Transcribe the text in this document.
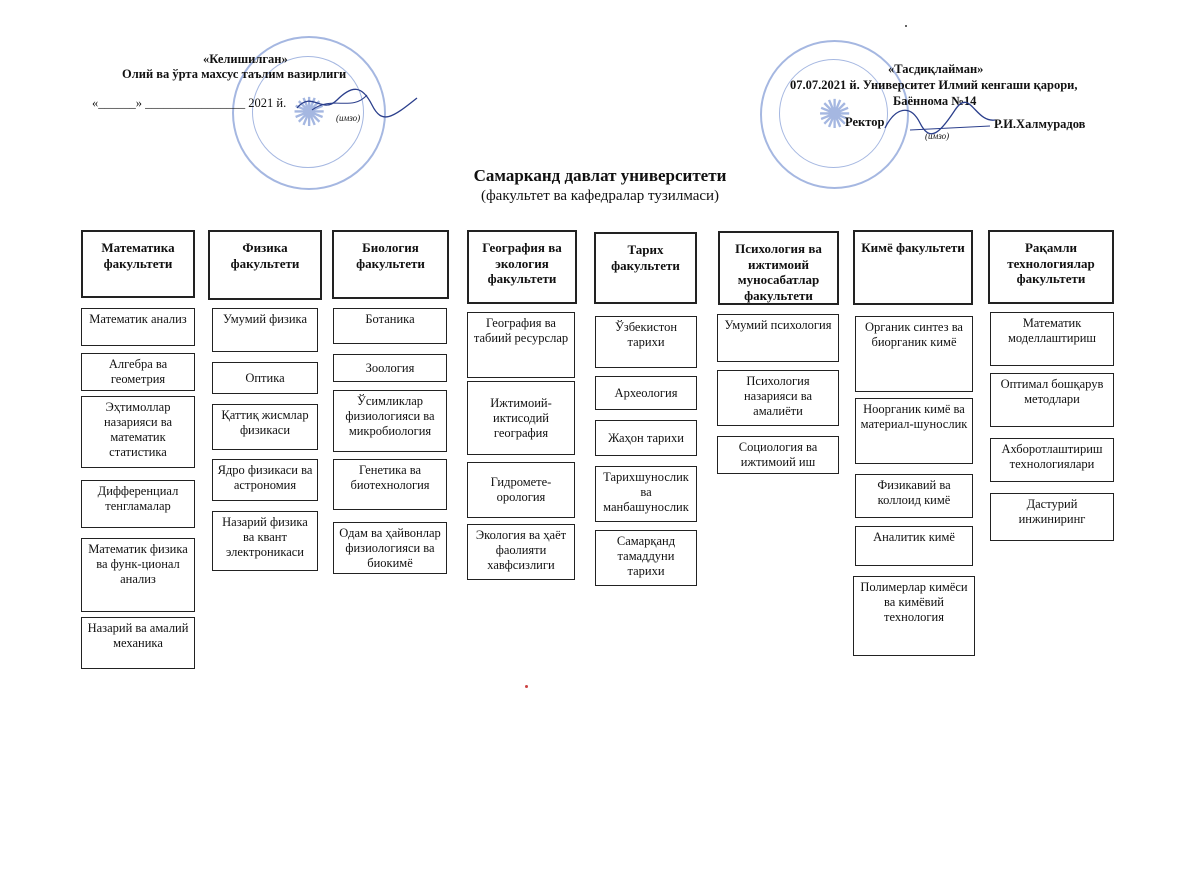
✺	✺
«Келишилган»
Олий ва ўрта махсус таълим вазирлиги
«______» ________________ 2021 й.
(имзо)
«Тасдиқлайман»
07.07.2021 й. Университет Илмий кенгаши қарори,
Баённома №14
Ректор	Р.И.Халмурадов
(имзо)
Самарканд давлат университети
(факультет ва кафедралар тузилмаси)
Математика факультети
Физика факультети
Биология факультети
География ва экология факультети
Тарих факультети
Психология ва ижтимоий муносабатлар факультети
Кимё факультети	Рақамли технологиялар факультети
Математик анализ
Алгебра ва геометрия
Эҳтимоллар назарияси ва математик статистика
Дифференциал тенгламалар
Математик физика ва функ-ционал анализ
Назарий ва амалий механика
Умумий физика
Оптика
Қаттиқ жисмлар физикаси
Ядро физикаси ва астрономия
Назарий физика ва квант электроникаси
Ботаника
Зоология
Ўсимликлар физиологияси ва микробиология
Генетика ва биотехнология
Одам ва ҳайвонлар физиологияси ва биокимё
География ва табиий ресурслар
Ижтимоий-иктисодий география
Гидромете-орология
Экология ва ҳаёт фаолияти хавфсизлиги
Ўзбекистон тарихи
Археология
Жаҳон тарихи
Тарихшунослик ва манбашунослик
Самарқанд тамаддуни тарихи
Умумий психология
Психология назарияси ва амалиёти
Социология ва ижтимоий иш
Органик синтез ва биорганик кимё
Ноорганик кимё ва материал-шунослик
Физикавий ва коллоид кимё
Аналитик кимё
Полимерлар кимёси ва кимёвий технология
Математик моделлаштириш
Оптимал бошқарув методлари
Ахборотлаштириш технологиялари
Дастурий инжиниринг
